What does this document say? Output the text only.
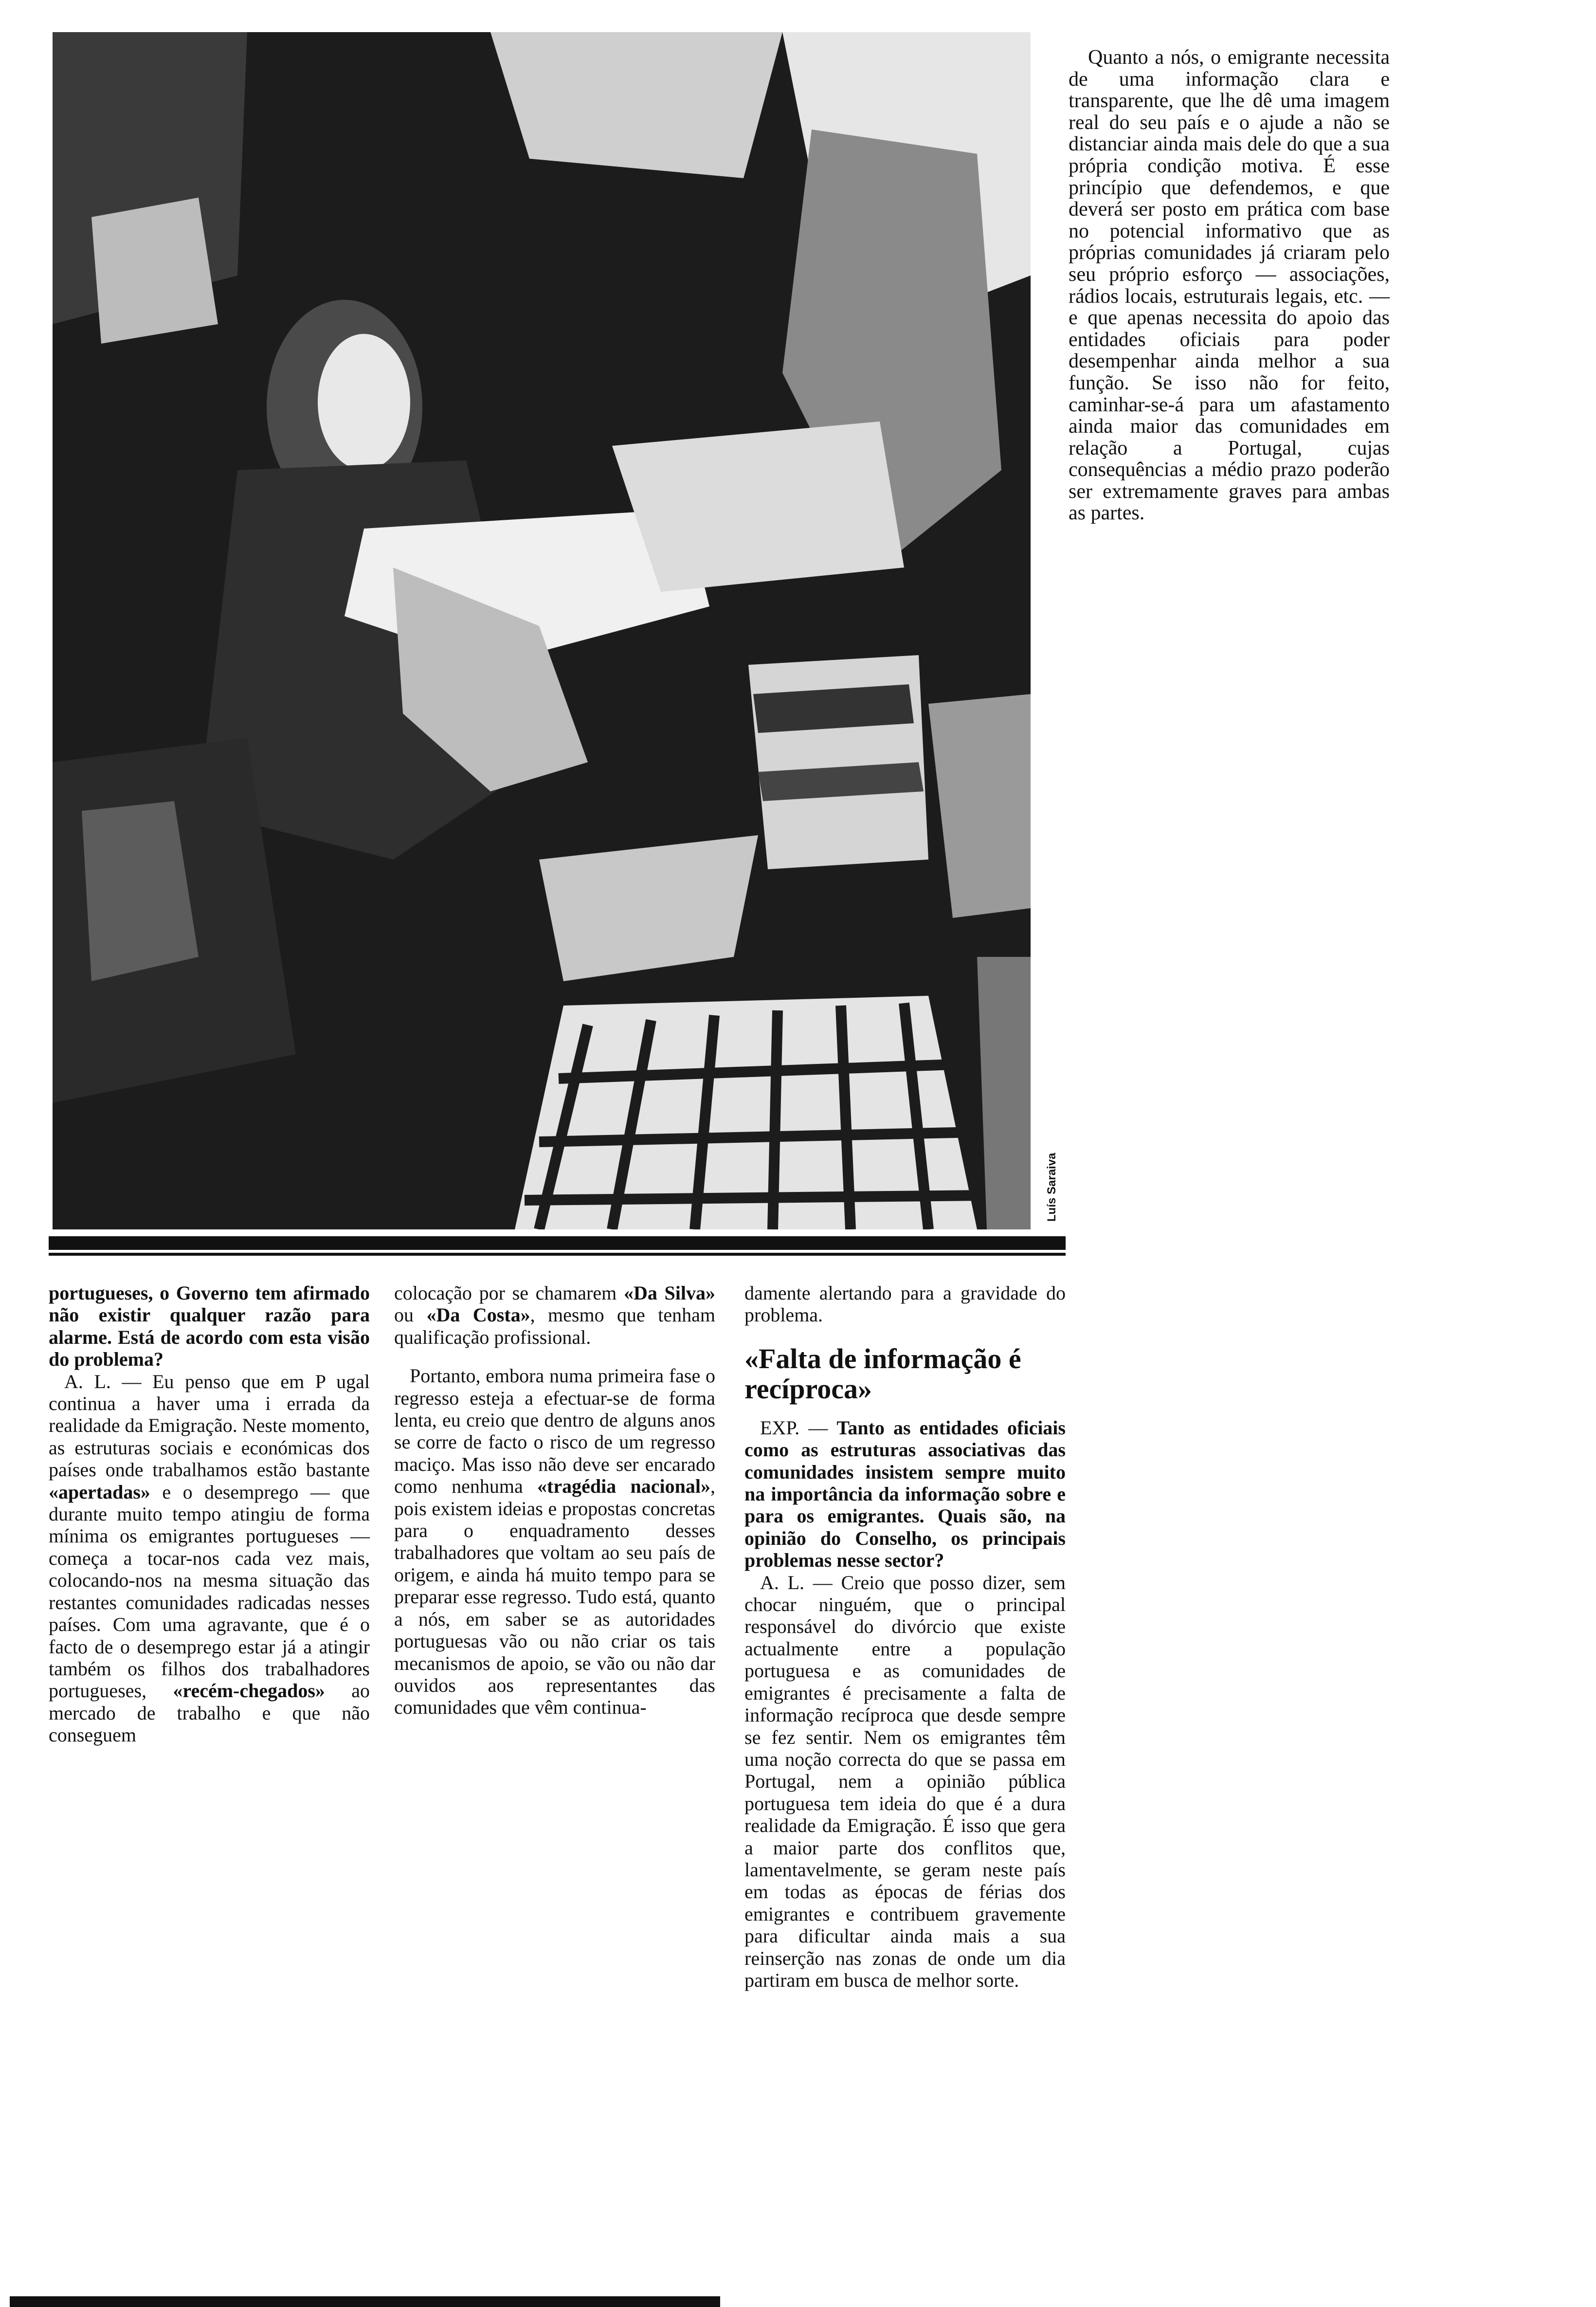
Luís Saraiva

Quanto a nós, o emigrante necessita de uma informação clara e transparente, que lhe dê uma imagem real do seu país e o ajude a não se distanciar ainda mais dele do que a sua própria condição motiva. É esse princípio que defendemos, e que deverá ser posto em prática com base no potencial informativo que as próprias comunidades já criaram pelo seu próprio esforço — associações, rádios locais, estruturais legais, etc. — e que apenas necessita do apoio das entidades oficiais para poder desempenhar ainda melhor a sua função. Se isso não for feito, caminhar-se-á para um afastamento ainda maior das comunidades em relação a Portugal, cujas consequências a médio prazo poderão ser extremamente graves para ambas as partes.

portugueses, o Governo tem afirmado não existir qualquer razão para alarme. Está de acordo com esta visão do problema?

A. L. — Eu penso que em P ugal continua a haver uma i errada da realidade da Emigração. Neste momento, as estruturas sociais e económicas dos países onde trabalhamos estão bastante «apertadas» e o desemprego — que durante muito tempo atingiu de forma mínima os emigrantes portugueses — começa a tocar-nos cada vez mais, colocando-nos na mesma situação das restantes comunidades radicadas nesses países. Com uma agravante, que é o facto de o desemprego estar já a atingir também os filhos dos trabalhadores portugueses, «recém-chegados» ao mercado de trabalho e que não conseguem

colocação por se chamarem «Da Silva» ou «Da Costa», mesmo que tenham qualificação profissional.

Portanto, embora numa primeira fase o regresso esteja a efectuar-se de forma lenta, eu creio que dentro de alguns anos se corre de facto o risco de um regresso maciço. Mas isso não deve ser encarado como nenhuma «tragédia nacional», pois existem ideias e propostas concretas para o enquadramento desses trabalhadores que voltam ao seu país de origem, e ainda há muito tempo para se preparar esse regresso. Tudo está, quanto a nós, em saber se as autoridades portuguesas vão ou não criar os tais mecanismos de apoio, se vão ou não dar ouvidos aos representantes das comunidades que vêm continua-

damente alertando para a gravidade do problema.

«Falta de informação é recíproca»

EXP. — Tanto as entidades oficiais como as estruturas associativas das comunidades insistem sempre muito na importância da informação sobre e para os emigrantes. Quais são, na opinião do Conselho, os principais problemas nesse sector?

A. L. — Creio que posso dizer, sem chocar ninguém, que o principal responsável do divórcio que existe actualmente entre a população portuguesa e as comunidades de emigrantes é precisamente a falta de informação recíproca que desde sempre se fez sentir. Nem os emigrantes têm uma noção correcta do que se passa em Portugal, nem a opinião pública portuguesa tem ideia do que é a dura realidade da Emigração. É isso que gera a maior parte dos conflitos que, lamentavelmente, se geram neste país em todas as épocas de férias dos emigrantes e contribuem gravemente para dificultar ainda mais a sua reinserção nas zonas de onde um dia partiram em busca de melhor sorte.
